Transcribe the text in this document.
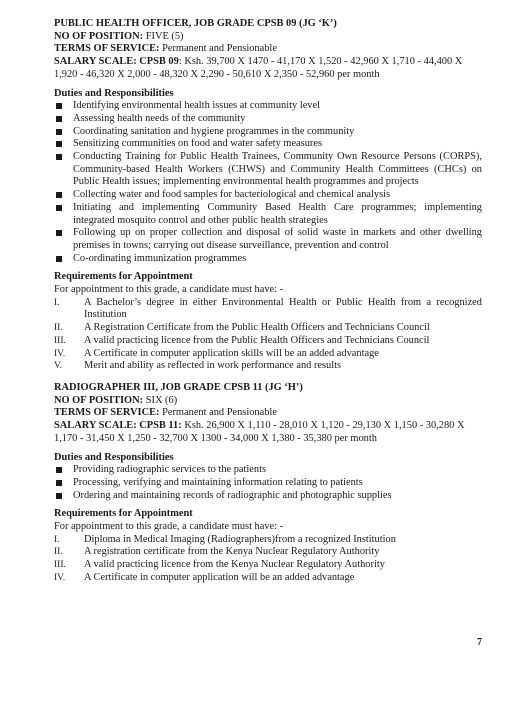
PUBLIC HEALTH OFFICER, JOB GRADE CPSB 09 (JG ‘K’)
NO OF POSITION: FIVE (5)
TERMS OF SERVICE: Permanent and Pensionable
SALARY SCALE: CPSB 09: Ksh. 39,700 X 1470 - 41,170 X 1,520 - 42,960 X 1,710 - 44,400 X 1,920 - 46,320 X 2,000 - 48,320 X 2,290 - 50,610 X 2,350 - 52,960 per month
Duties and Responsibilities
Identifying environmental health issues at community level
Assessing health needs of the community
Coordinating sanitation and hygiene programmes in the community
Sensitizing communities on food and water safety measures
Conducting Training for Public Health Trainees, Community Own Resource Persons (CORPS), Community-based Health Workers (CHWS) and Community Health Committees (CHCs) on Public Health issues; implementing environmental health programmes and projects
Collecting water and food samples for bacteriological and chemical analysis
Initiating and implementing Community Based Health Care programmes; implementing integrated mosquito control and other public health strategies
Following up on proper collection and disposal of solid waste in markets and other dwelling premises in towns; carrying out disease surveillance, prevention and control
Co-ordinating immunization programmes
Requirements for Appointment
For appointment to this grade, a candidate must have: -
I.	A Bachelor’s degree in either Environmental Health or Public Health from a recognized Institution
II.	A Registration Certificate from the Public Health Officers and Technicians Council
III. A valid practicing licence from the Public Health Officers and Technicians Council
IV. A Certificate in computer application skills will be an added advantage
V.	Merit and ability as reflected in work performance and results
RADIOGRAPHER III, JOB GRADE CPSB 11 (JG ‘H’)
NO OF POSITION: SIX (6)
TERMS OF SERVICE: Permanent and Pensionable
SALARY SCALE: CPSB 11: Ksh. 26,900 X 1,110 - 28,010 X 1,120 - 29,130 X 1,150 - 30,280 X 1,170 - 31,450 X 1,250 - 32,700 X 1300 - 34,000 X 1,380 - 35,380 per month
Duties and Responsibilities
Providing radiographic services to the patients
Processing, verifying and maintaining information relating to patients
Ordering and maintaining records of radiographic and photographic supplies
Requirements for Appointment
For appointment to this grade, a candidate must have: -
I.	Diploma in Medical Imaging (Radiographers)from a recognized Institution
II.	A registration certificate from the Kenya Nuclear Regulatory Authority
III. A valid practicing licence from the Kenya Nuclear Regulatory Authority
IV. A Certificate in computer application will be an added advantage
7
